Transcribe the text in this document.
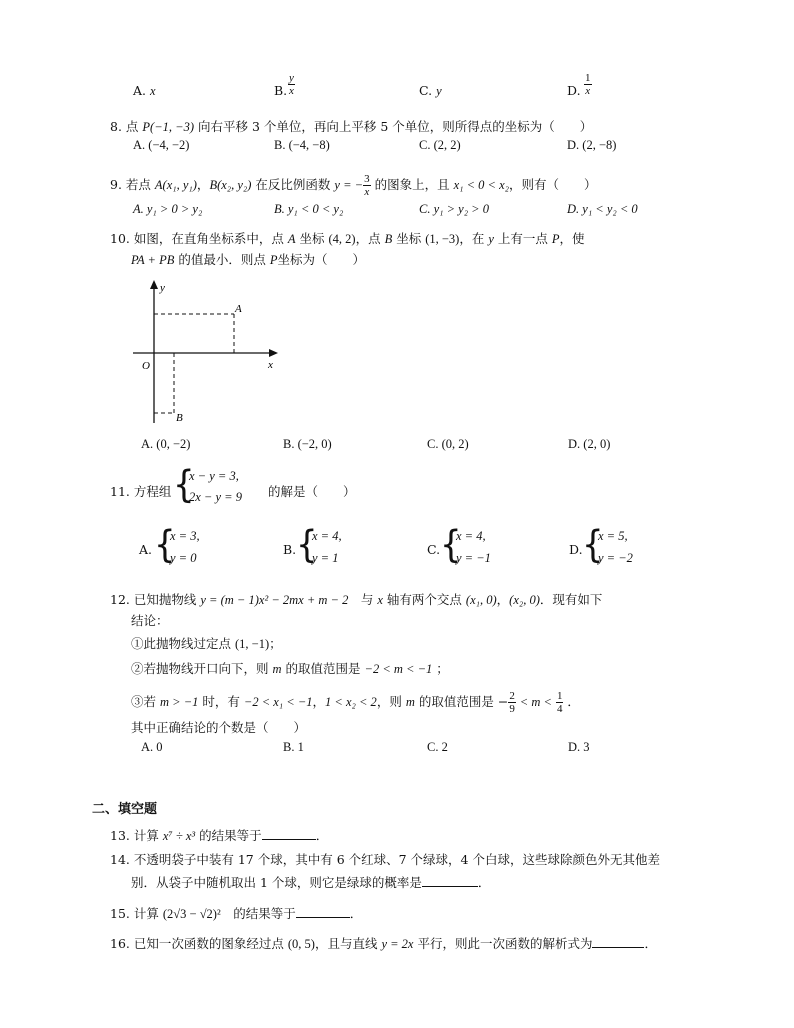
A. x	B. $\frac{y}{x}$	C. y	D. $\frac{1}{x}$
8. 点 P(−1, −3) 向右平移 3 个单位，再向上平移 5 个单位，则所得点的坐标为（　　）
A. (−4, −2)	B. (−4, −8)	C. (2, 2)	D. (2, −8)
9. 若点 A(x₁, y₁)，B(x₂, y₂) 在反比例函数 y = − $\frac{3}{x}$ 的图象上，且 x₁ < 0 < x₂，则有（　　）
A. y₁ > 0 > y₂	B. y₁ < 0 < y₂	C. y₁ > y₂ > 0	D. y₁ < y₂ < 0
10. 如图，在直角坐标系中，点 A 坐标 (4, 2)，点 B 坐标 (1, −3)，在 y 上有一点 P，使
PA + PB 的值最小．则点 P坐标为（　　）
y
x
O
A
B
A. (0, −2)	B. (−2, 0)	C. (0, 2)	D. (2, 0)
11. 方程组 {
x − y = 3,
2x − y = 9 的解是（　　）
A. {
x = 3,
y = 0
B. {
x = 4,
y = 1
C. {
x = 4,
y = −1
D. {
x = 5,
y = −2
12. 已知抛物线 y = (m − 1)x² − 2mx + m − 2　 与 x 轴有两个交点 (x₁, 0)，(x₂, 0)．现有如下
结论：
①此抛物线过定点 (1, −1)；
②若抛物线开口向下，则 m 的取值范围是 −2 < m < −1 ；
③若 m > −1 时，有 −2 < x₁ < −1，1 < x₂ < 2，则 m 的取值范围是 − $\frac{2}{9} < m < \frac{1}{4}$ ．
其中正确结论的个数是（　　）
A. 0	B. 1	C. 2	D. 3
二、填空题
13. 计算 x⁷ ÷ x³ 的结果等于	．
14. 不透明袋子中装有 17 个球，其中有 6 个红球、7 个绿球，4 个白球，这些球除颜色外无其他差
别．从袋子中随机取出 1 个球，则它是绿球的概率是	．
15. 计算 (2√3 − √2)²　 的结果等于	．
16. 已知一次函数的图象经过点 (0, 5)，且与直线 y = 2x 平行，则此一次函数的解析式为	．
